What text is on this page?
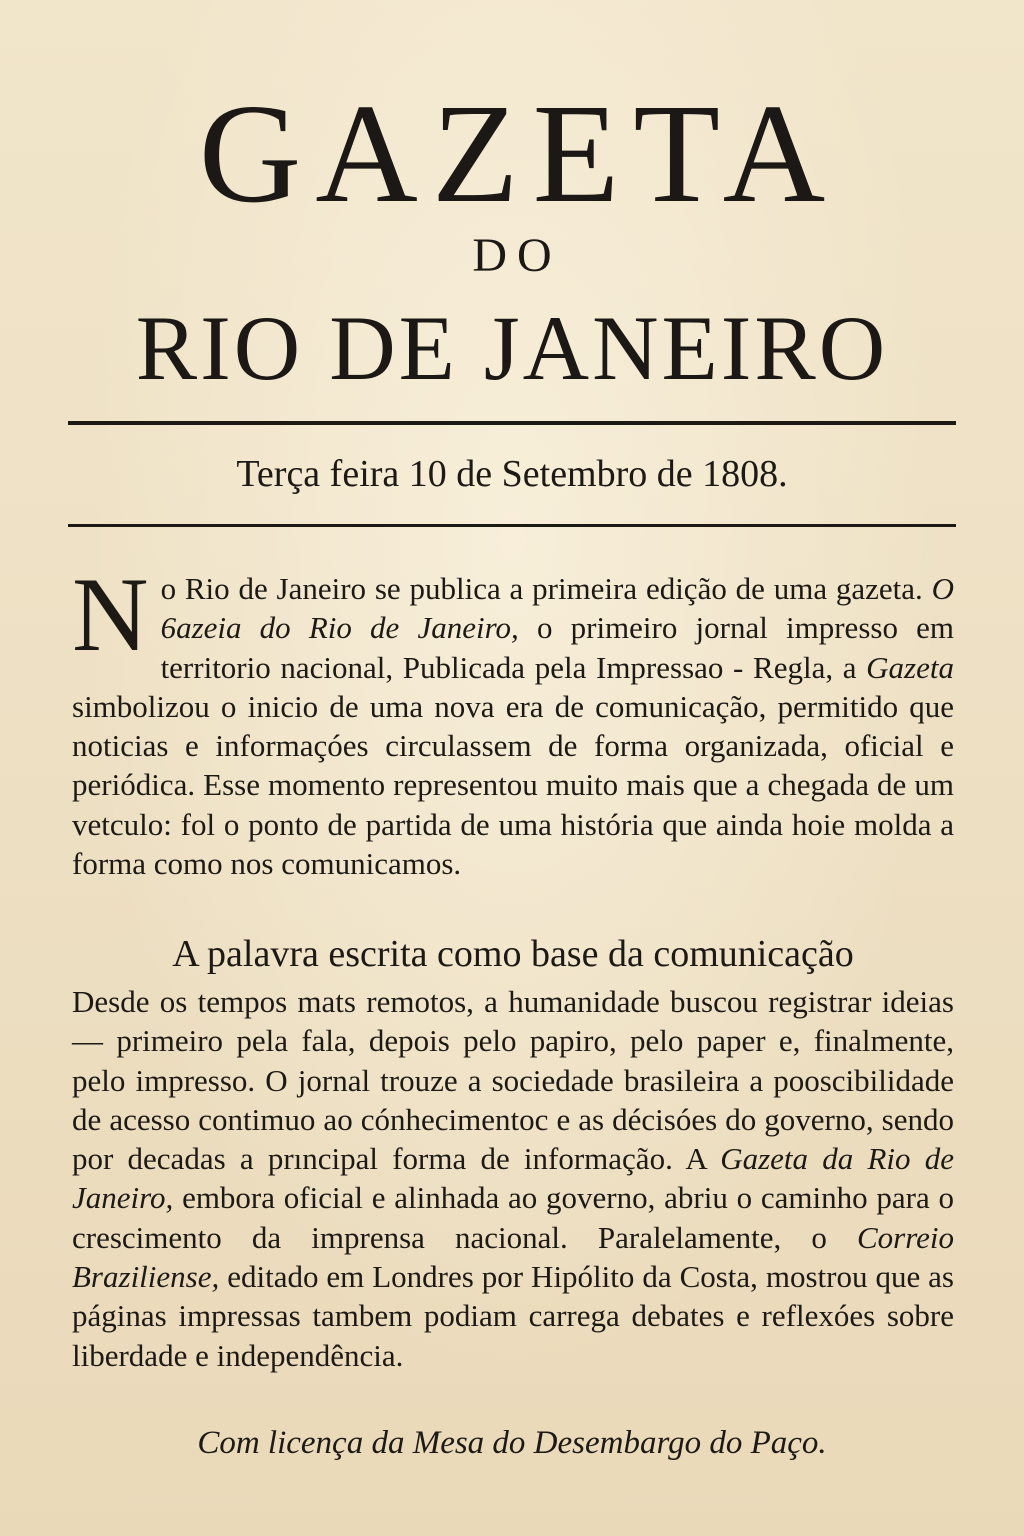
GAZETA
DO
RIO DE JANEIRO
Terça feira 10 de Setembro de 1808.

No Rio de Janeiro se publica a primeira edição de uma gazeta. O 6azeia do Rio de Janeiro, o primeiro jornal impresso em territorio nacional, Publicada pela Impressao - Regla, a Gazeta simbolizou o inicio de uma nova era de comunicação, permitido que noticias e informaçóes circulassem de forma organizada, oficial e periódica. Esse momento representou muito mais que a chegada de um vetculo: fol o ponto de partida de uma história que ainda hoie molda a forma como nos comunicamos.

A palavra escrita como base da comunicação

Desde os tempos mats remotos, a humanidade buscou registrar ideias — primeiro pela fala, depois pelo papiro, pelo paper e, finalmente, pelo impresso. O jornal trouze a sociedade brasileira a pooscibilidade de acesso contimuo ao cónhecimentoc e as décisóes do governo, sendo por decadas a prıncipal forma de informação. A Gazeta da Rio de Janeiro, embora oficial e alinhada ao governo, abriu o caminho para o crescimento da imprensa nacional. Paralelamente, o Correio Braziliense, editado em Londres por Hipólito da Costa, mostrou que as páginas impressas tambem podiam carrega debates e reflexóes sobre liberdade e independência.

Com licença da Mesa do Desembargo do Paço.
